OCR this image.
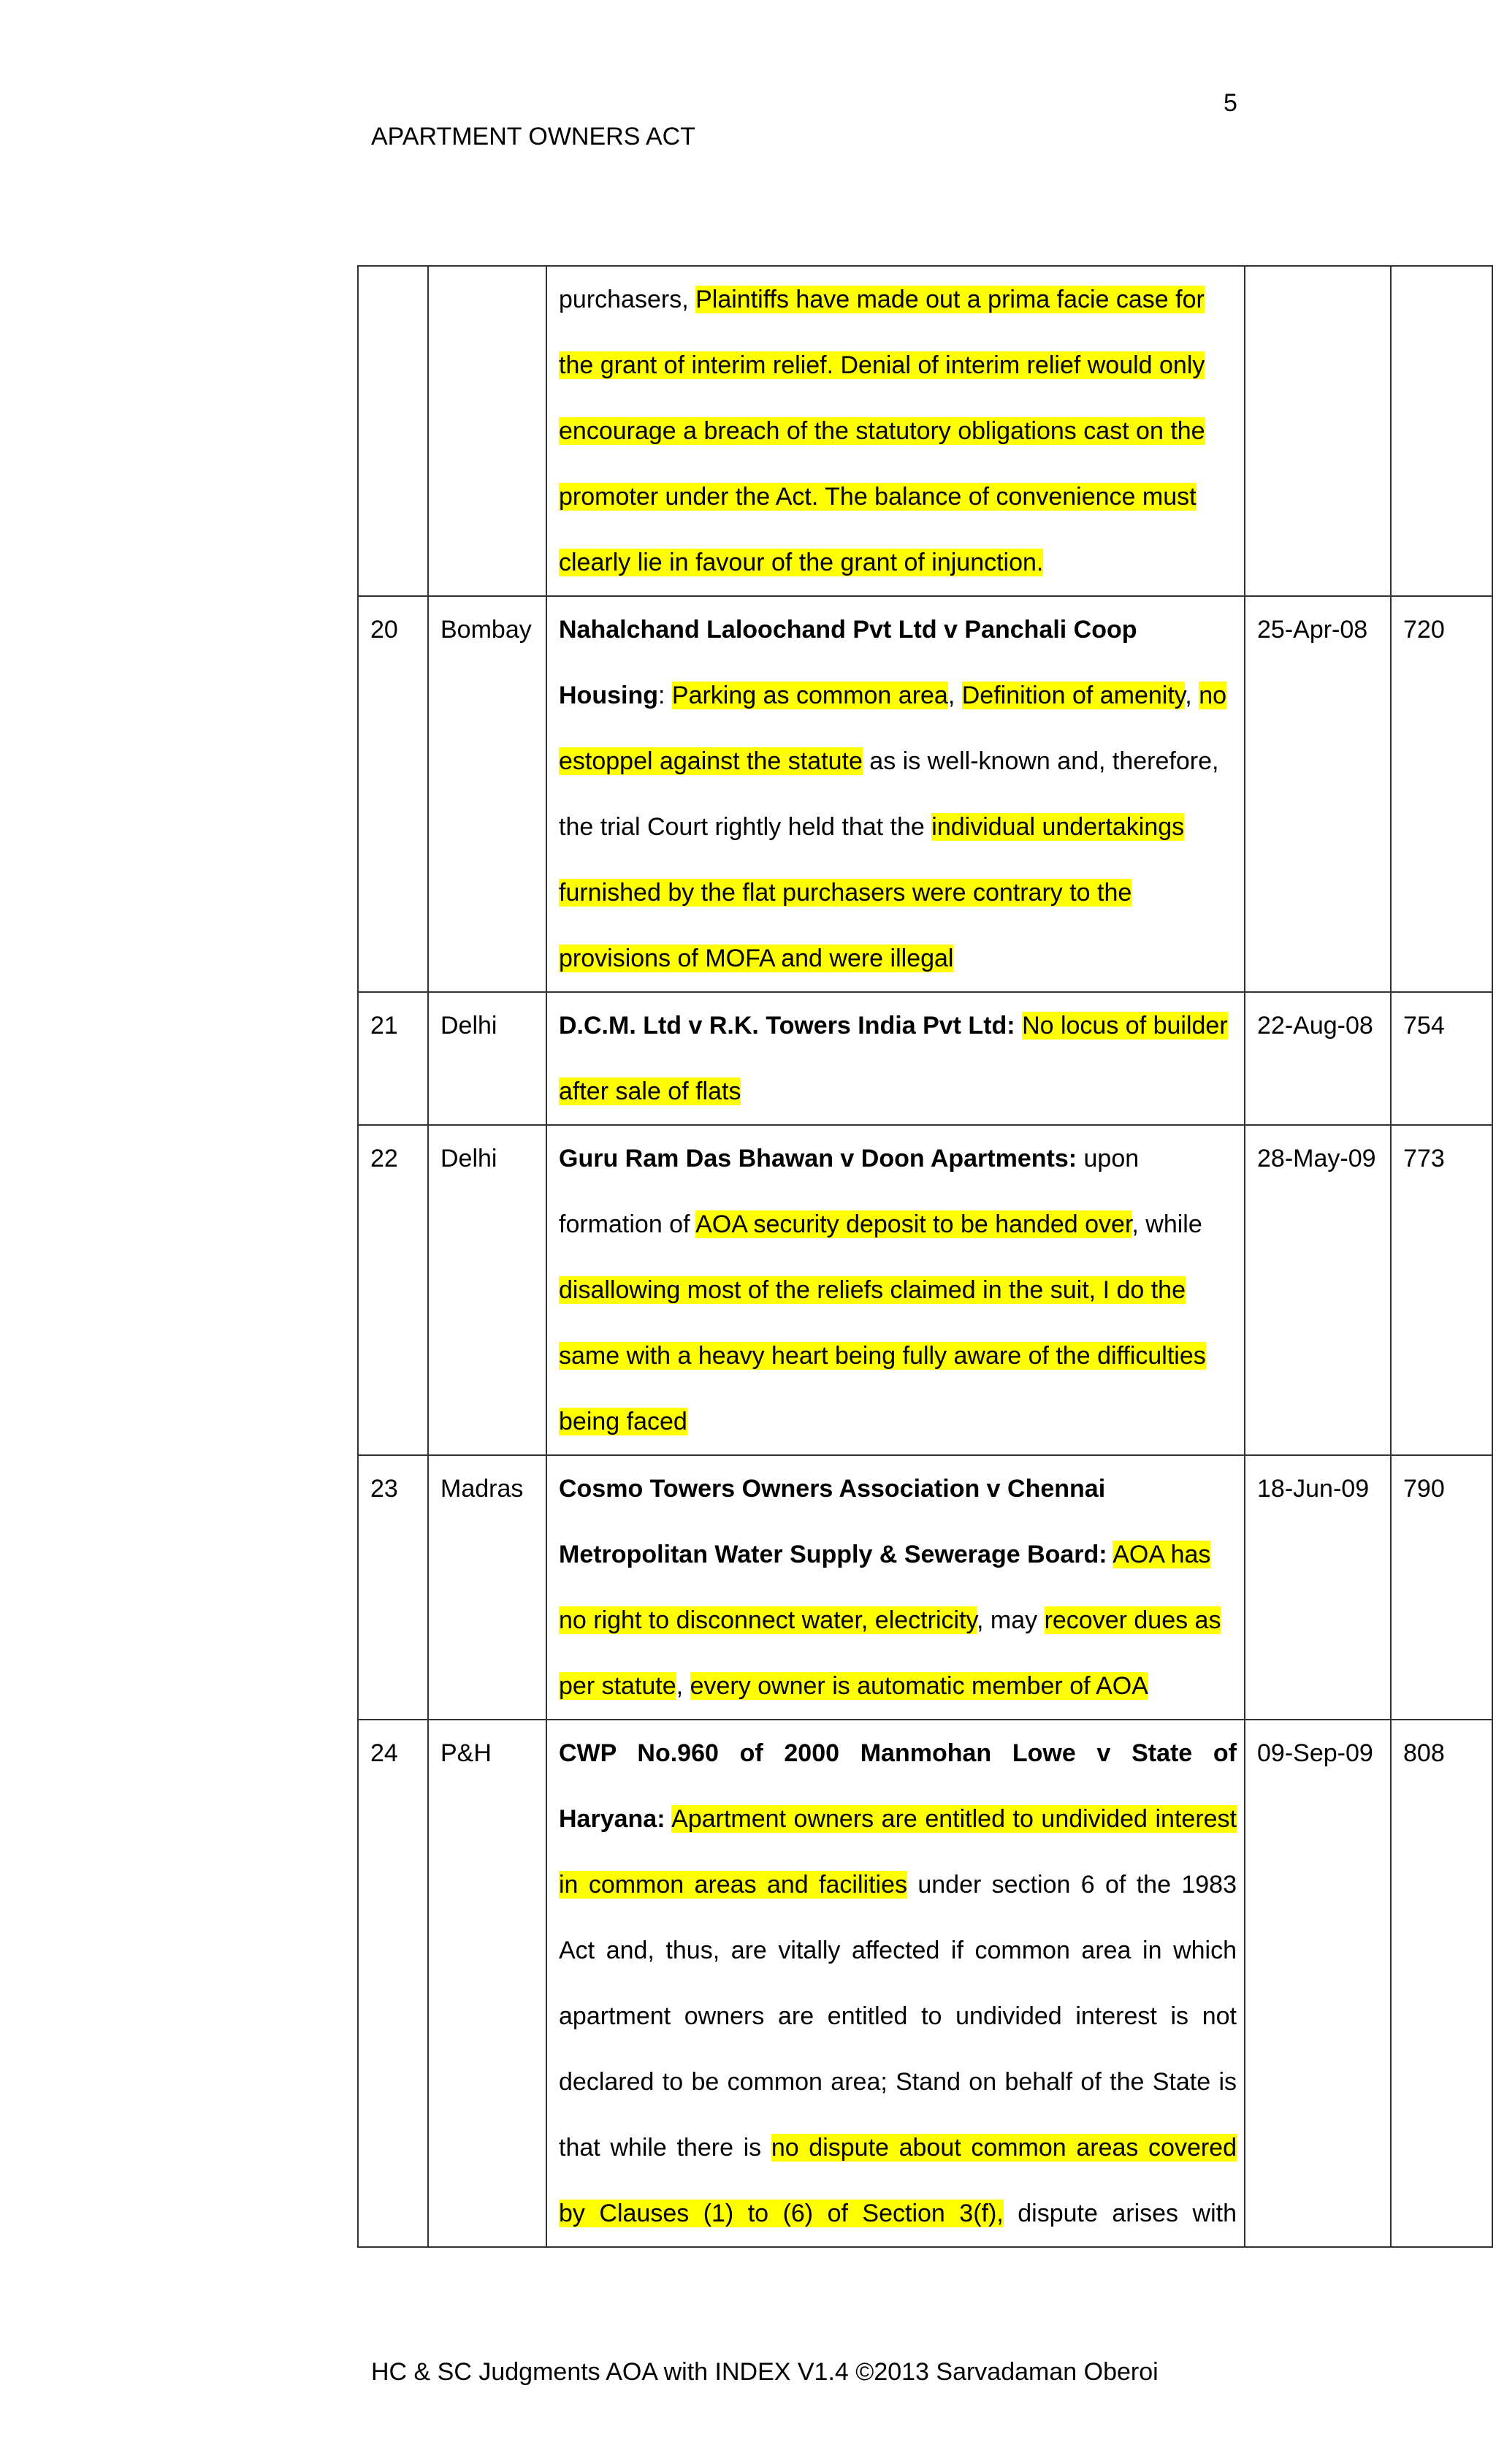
5
APARTMENT OWNERS ACT
		purchasers, Plaintiffs have made out a prima facie case for the grant of interim relief. Denial of interim relief would only encourage a breach of the statutory obligations cast on the promoter under the Act. The balance of convenience must clearly lie in favour of the grant of injunction.		
20	Bombay	Nahalchand Laloochand Pvt Ltd v Panchali Coop Housing: Parking as common area, Definition of amenity, no estoppel against the statute as is well-known and, therefore, the trial Court rightly held that the individual undertakings furnished by the flat purchasers were contrary to the provisions of MOFA and were illegal	25-Apr-08	720
21	Delhi	D.C.M. Ltd v R.K. Towers India Pvt Ltd: No locus of builder after sale of flats	22-Aug-08	754
22	Delhi	Guru Ram Das Bhawan v Doon Apartments: upon formation of AOA security deposit to be handed over, while disallowing most of the reliefs claimed in the suit, I do the same with a heavy heart being fully aware of the difficulties being faced	28-May-09	773
23	Madras	Cosmo Towers Owners Association v Chennai Metropolitan Water Supply & Sewerage Board: AOA has no right to disconnect water, electricity, may recover dues as per statute, every owner is automatic member of AOA	18-Jun-09	790
24	P&H	CWP No.960 of 2000 Manmohan Lowe v State of Haryana: Apartment owners are entitled to undivided interest in common areas and facilities under section 6 of the 1983 Act and, thus, are vitally affected if common area in which apartment owners are entitled to undivided interest is not declared to be common area; Stand on behalf of the State is that while there is no dispute about common areas covered by Clauses (1) to (6) of Section 3(f), dispute arises with	09-Sep-09	808
HC & SC Judgments AOA with INDEX V1.4 ©2013 Sarvadaman Oberoi
